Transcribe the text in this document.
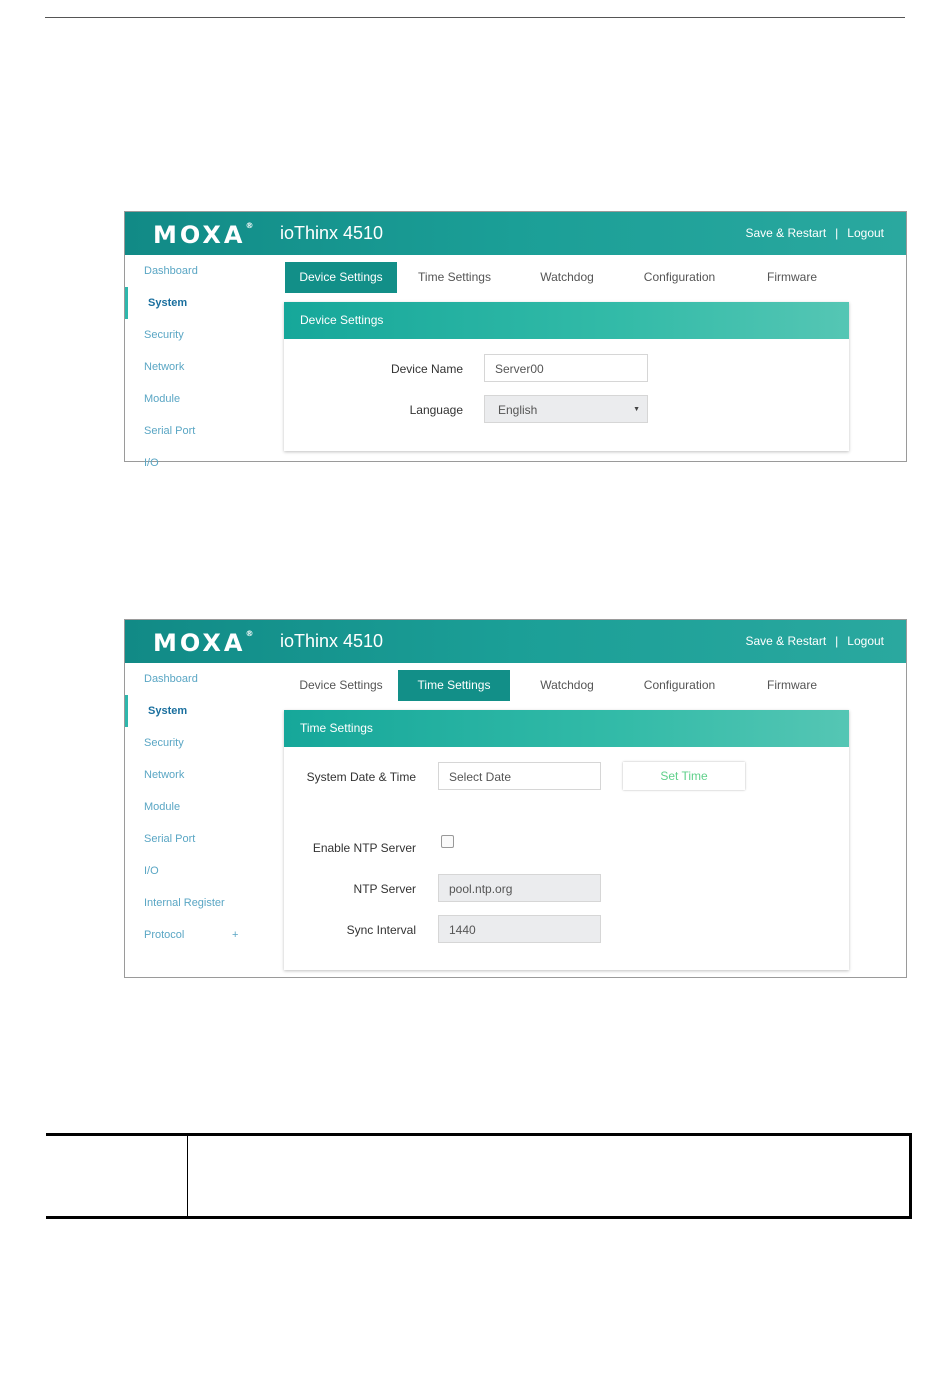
MOXA® ioThinx 4510	Save & Restart | Logout
Dashboard
System
Security
Network
Module
Serial Port
I/O
Device Settings	Time Settings	Watchdog	Configuration	Firmware
Device Settings
Device Name	Server00
Language	English	▼
MOXA® ioThinx 4510	Save & Restart | Logout
Dashboard
System
Security
Network
Module
Serial Port
I/O
Internal Register
Protocol	+
Device Settings	Time Settings	Watchdog	Configuration	Firmware
Time Settings
System Date & Time	Select Date	Set Time
Enable NTP Server
NTP Server	pool.ntp.org
Sync Interval	1440
